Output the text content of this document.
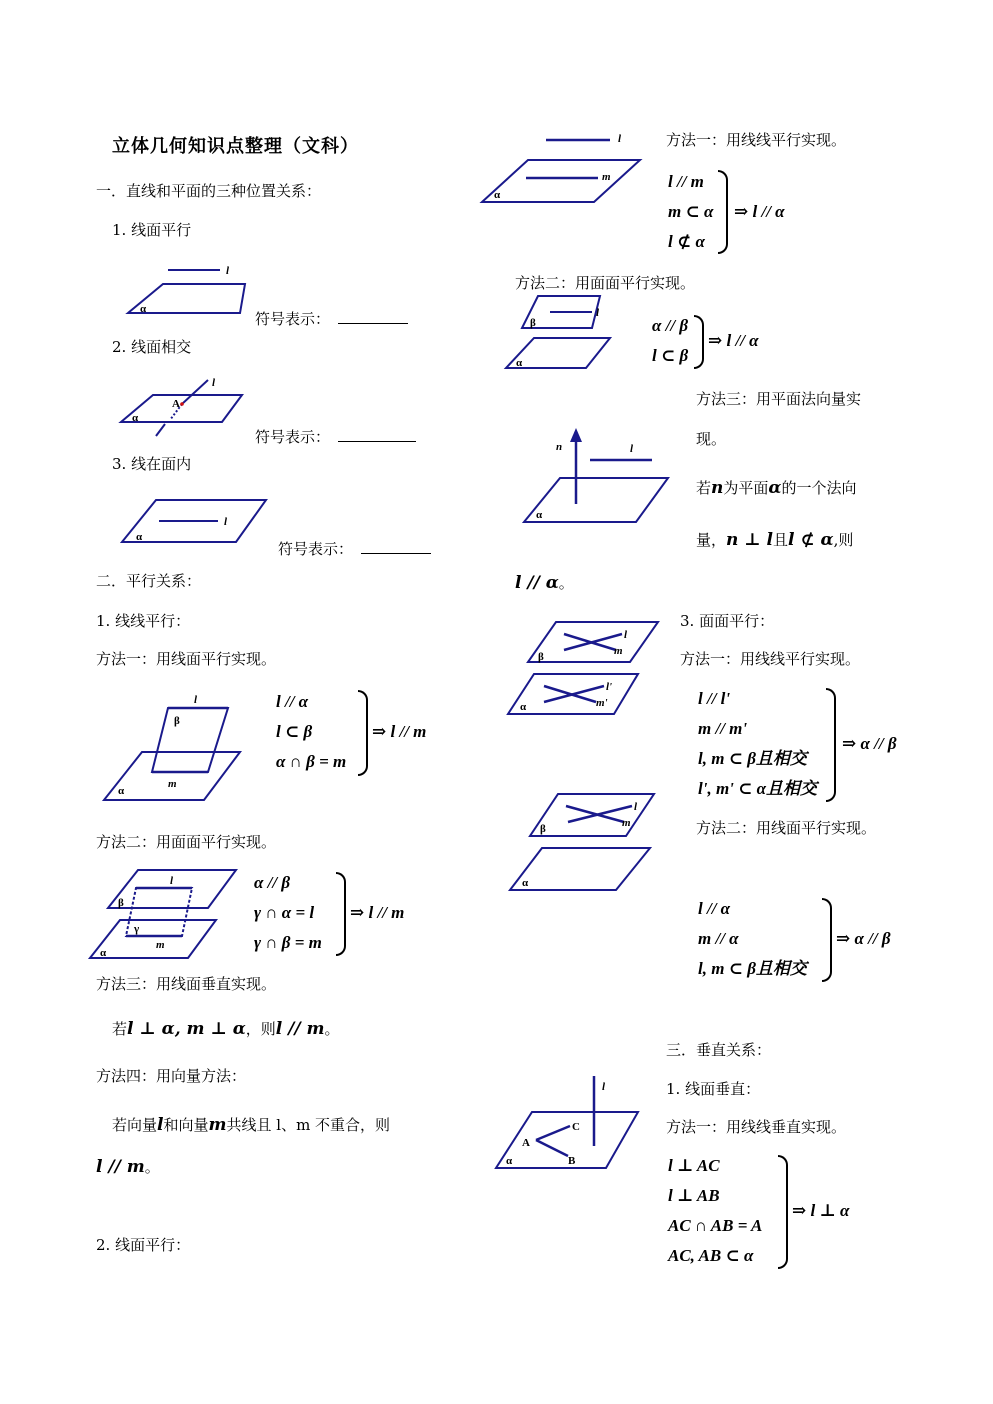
立体几何知识点整理（文科）
一．直线和平面的三种位置关系：
1. 线面平行
l
α
符号表示：
2. 线面相交
l
A
α
符号表示：
3. 线在面内
l
α
符号表示：
二．平行关系：
1. 线线平行：
方法一：用线面平行实现。
l
β
m
α
l // α
l ⊂ β
α ∩ β = m
⇒ l // m
方法二：用面面平行实现。
l
β
γ
m
α
α // β
γ ∩ α = l
γ ∩ β = m
⇒ l // m
方法三：用线面垂直实现。
若l ⊥ α, m ⊥ α，则l // m。
方法四：用向量方法：
若向量l和向量m共线且 l、m 不重合，则
l // m。
2. 线面平行：
l
m
α
方法一：用线线平行实现。
l // m
m ⊂ α
l ⊄ α
⇒ l // α
方法二：用面面平行实现。
l
β
α
α // β
l ⊂ β
⇒ l // α
方法三：用平面法向量实
现。
n	l
α
若n为平面α的一个法向
量，n ⊥ l且l ⊄ α,则
l // α。
l
m
β
l'
m'
α
3. 面面平行：
方法一：用线线平行实现。
l // l'
m // m'
l, m ⊂ β且相交
l', m' ⊂ α且相交
⇒ α // β
l
m
β
α
方法二：用线面平行实现。
l // α
m // α
l, m ⊂ β且相交
⇒ α // β
三．垂直关系：
1. 线面垂直：
方法一：用线线垂直实现。
l
A
C
B
α	l ⊥ AC
l ⊥ AB
AC ∩ AB = A
AC, AB ⊂ α
⇒ l ⊥ α
